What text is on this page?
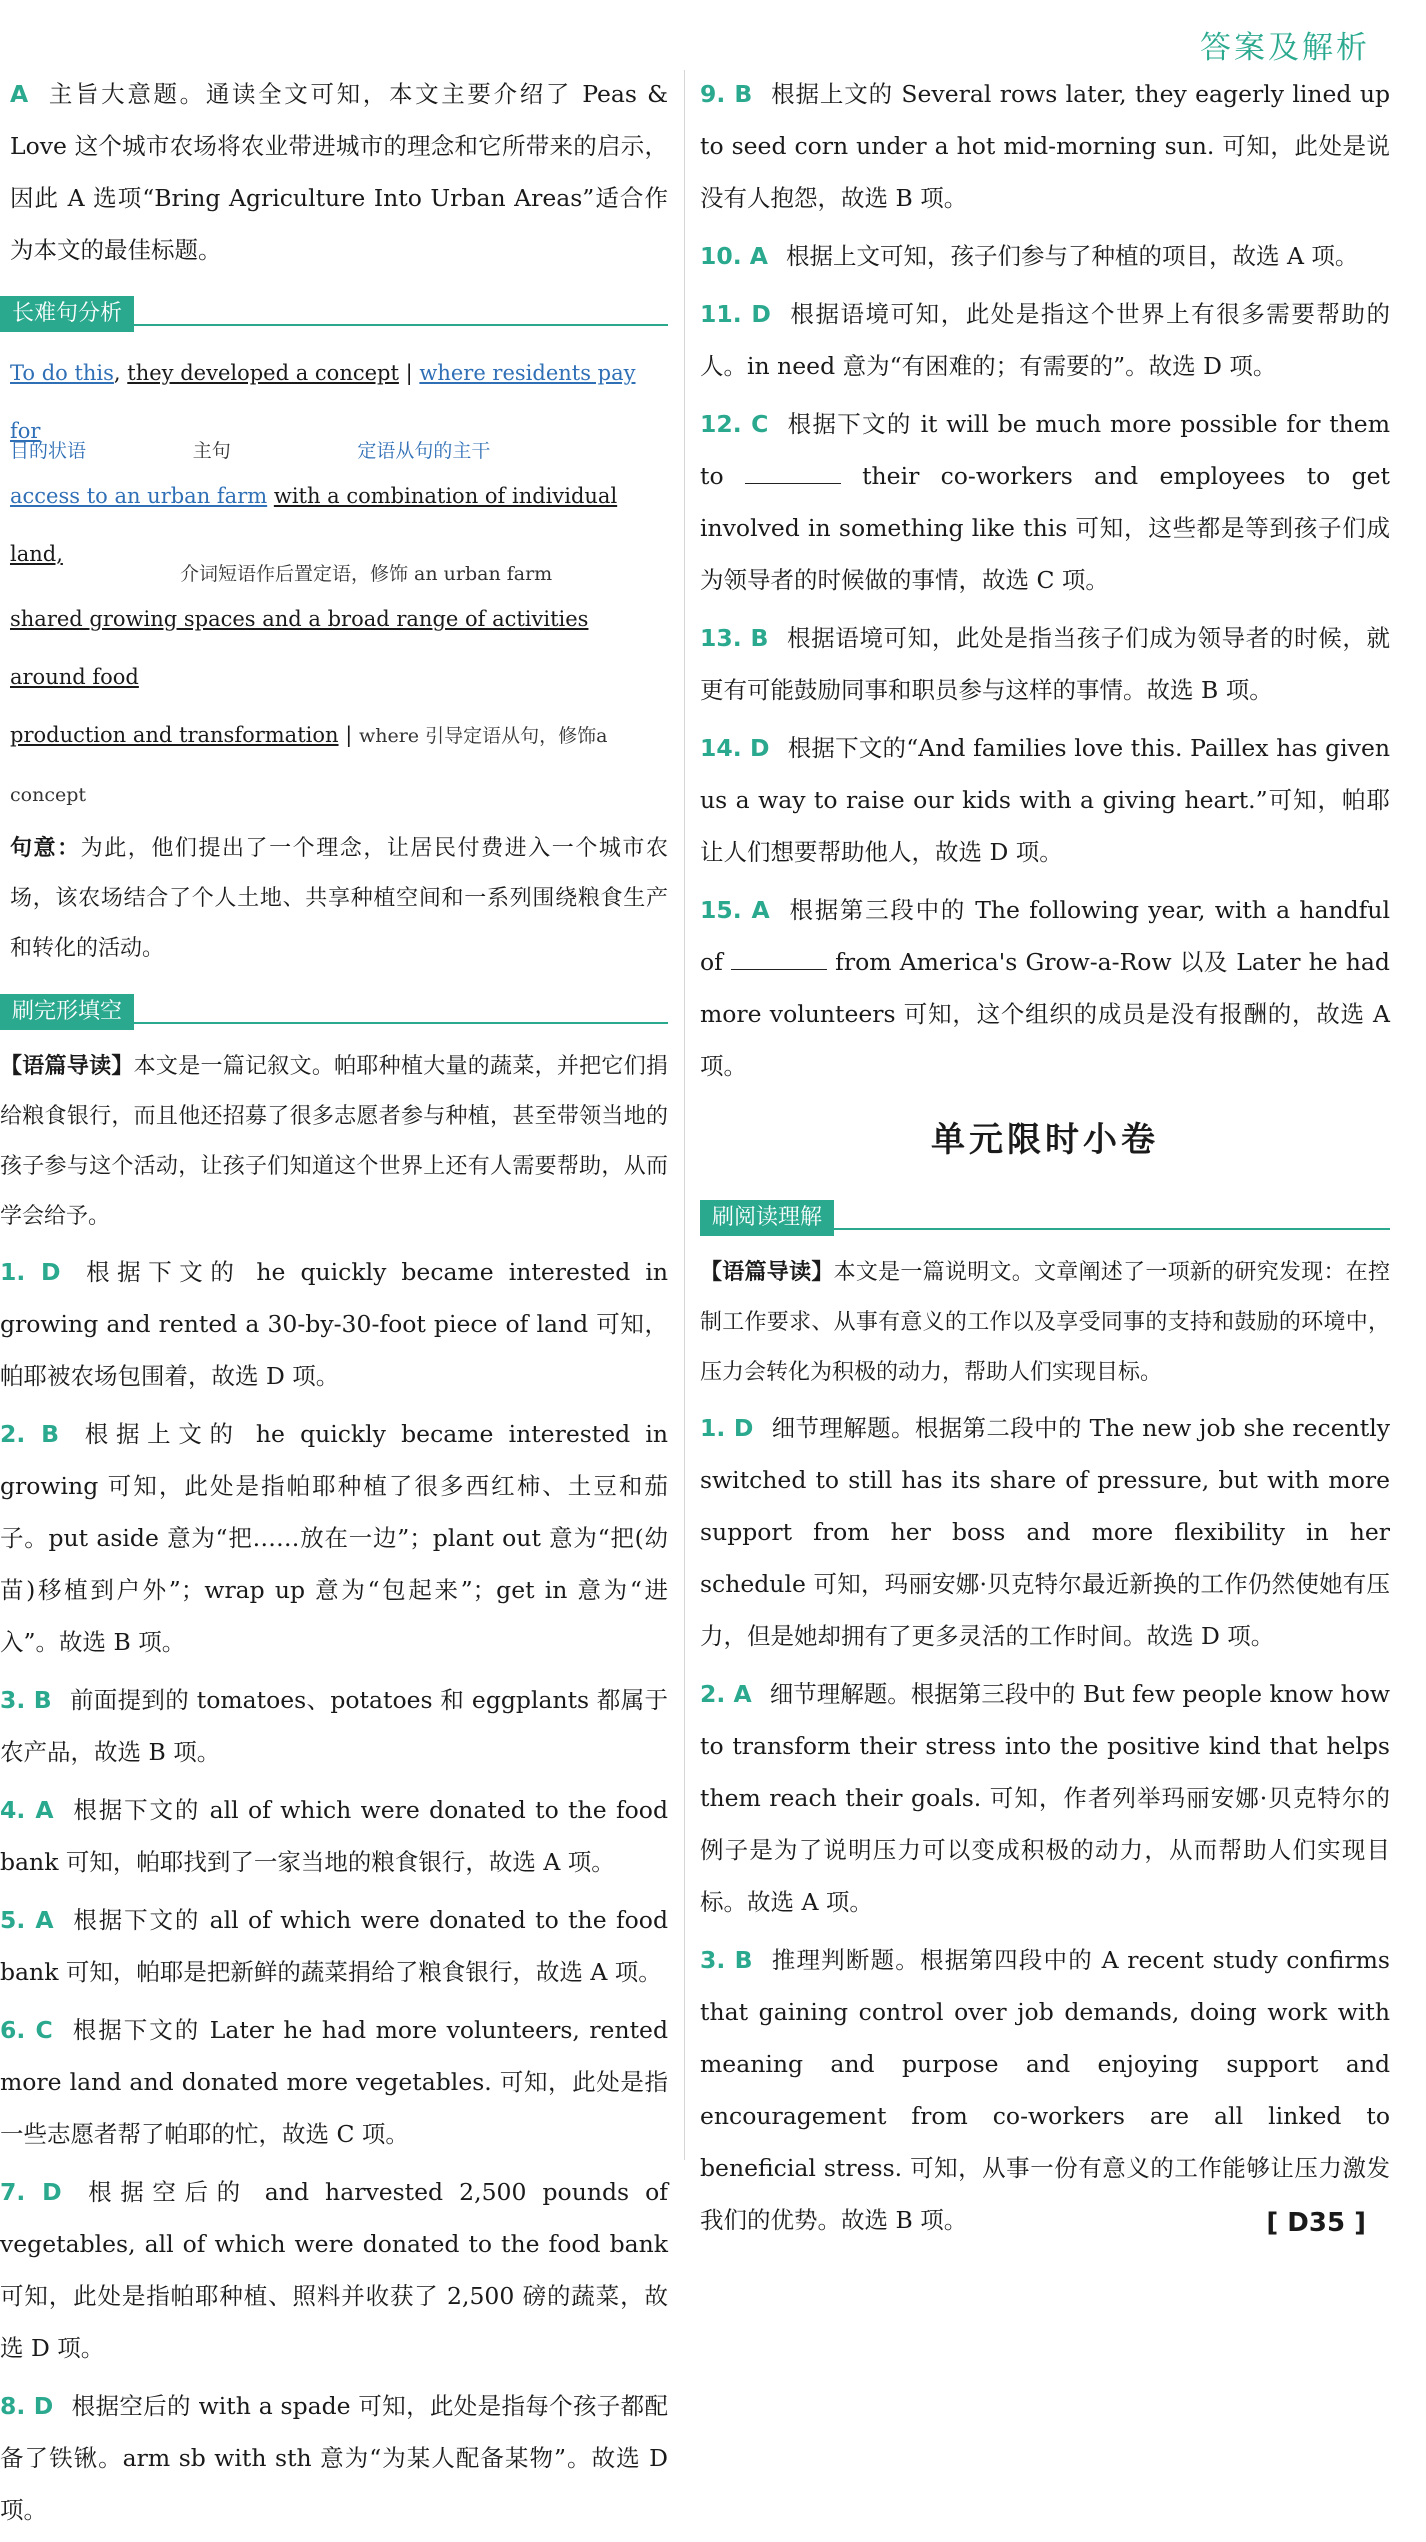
答案及解析

A 主旨大意题。通读全文可知，本文主要介绍了 Peas & Love 这个城市农场将农业带进城市的理念和它所带来的启示，因此 A 选项“Bring Agriculture Into Urban Areas”适合作为本文的最佳标题。

长难句分析
To do this, they developed a concept | where residents pay for
目的状语	主句	定语从句的主干
access to an urban farm with a combination of individual land,
介词短语作后置定语，修饰 an urban farm
shared growing spaces and a broad range of activities around food
production and transformation | where 引导定语从句，修饰a concept

句意：为此，他们提出了一个理念，让居民付费进入一个城市农场，该农场结合了个人土地、共享种植空间和一系列围绕粮食生产和转化的活动。

刷完形填空

【语篇导读】本文是一篇记叙文。帕耶种植大量的蔬菜，并把它们捐给粮食银行，而且他还招募了很多志愿者参与种植，甚至带领当地的孩子参与这个活动，让孩子们知道这个世界上还有人需要帮助，从而学会给予。

1. D 根据下文的 he quickly became interested in growing and rented a 30-by-30-foot piece of land 可知，帕耶被农场包围着，故选 D 项。

2. B 根据上文的 he quickly became interested in growing 可知，此处是指帕耶种植了很多西红柿、土豆和茄子。put aside 意为“把……放在一边”；plant out 意为“把(幼苗)移植到户外”；wrap up 意为“包起来”；get in 意为“进入”。故选 B 项。

3. B 前面提到的 tomatoes、potatoes 和 eggplants 都属于农产品，故选 B 项。

4. A 根据下文的 all of which were donated to the food bank 可知，帕耶找到了一家当地的粮食银行，故选 A 项。

5. A 根据下文的 all of which were donated to the food bank 可知，帕耶是把新鲜的蔬菜捐给了粮食银行，故选 A 项。

6. C 根据下文的 Later he had more volunteers, rented more land and donated more vegetables. 可知，此处是指一些志愿者帮了帕耶的忙，故选 C 项。

7. D 根据空后的 and harvested 2,500 pounds of vegetables, all of which were donated to the food bank 可知，此处是指帕耶种植、照料并收获了 2,500 磅的蔬菜，故选 D 项。

8. D 根据空后的 with a spade 可知，此处是指每个孩子都配备了铁锹。arm sb with sth 意为“为某人配备某物”。故选 D 项。

9. B 根据上文的 Several rows later, they eagerly lined up to seed corn under a hot mid-morning sun. 可知，此处是说没有人抱怨，故选 B 项。

10. A 根据上文可知，孩子们参与了种植的项目，故选 A 项。

11. D 根据语境可知，此处是指这个世界上有很多需要帮助的人。in need 意为“有困难的；有需要的”。故选 D 项。

12. C 根据下文的 it will be much more possible for them to	their co-workers and employees to get involved in something like this 可知，这些都是等到孩子们成为领导者的时候做的事情，故选 C 项。

13. B 根据语境可知，此处是指当孩子们成为领导者的时候，就更有可能鼓励同事和职员参与这样的事情。故选 B 项。

14. D 根据下文的“And families love this. Paillex has given us a way to raise our kids with a giving heart.”可知，帕耶让人们想要帮助他人，故选 D 项。

15. A 根据第三段中的 The following year, with a handful of	from America's Grow-a-Row 以及 Later he had more volunteers 可知，这个组织的成员是没有报酬的，故选 A 项。

单元限时小卷
刷阅读理解

【语篇导读】本文是一篇说明文。文章阐述了一项新的研究发现：在控制工作要求、从事有意义的工作以及享受同事的支持和鼓励的环境中，压力会转化为积极的动力，帮助人们实现目标。

1. D 细节理解题。根据第二段中的 The new job she recently switched to still has its share of pressure, but with more support from her boss and more flexibility in her schedule 可知，玛丽安娜·贝克特尔最近新换的工作仍然使她有压力，但是她却拥有了更多灵活的工作时间。故选 D 项。

2. A 细节理解题。根据第三段中的 But few people know how to transform their stress into the positive kind that helps them reach their goals. 可知，作者列举玛丽安娜·贝克特尔的例子是为了说明压力可以变成积极的动力，从而帮助人们实现目标。故选 A 项。

3. B 推理判断题。根据第四段中的 A recent study confirms that gaining control over job demands, doing work with meaning and purpose and enjoying support and encouragement from co-workers are all linked to beneficial stress. 可知，从事一份有意义的工作能够让压力激发我们的优势。故选 B 项。	[ D35 ]
